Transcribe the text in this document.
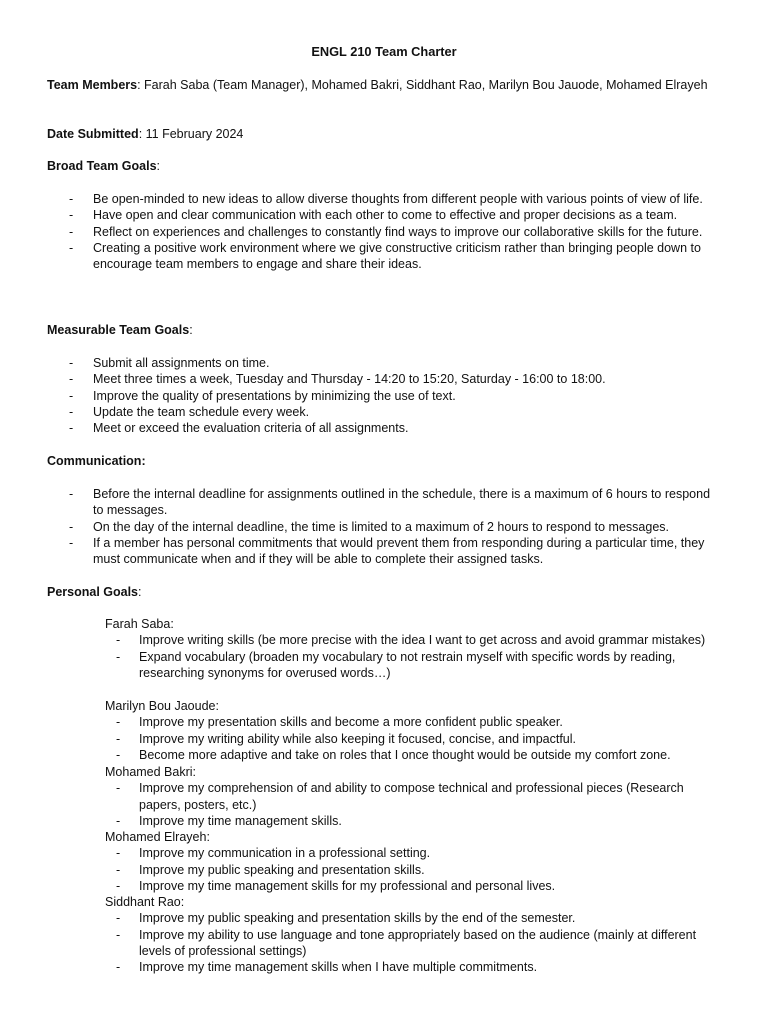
ENGL 210 Team Charter
Team Members: Farah Saba (Team Manager), Mohamed Bakri, Siddhant Rao, Marilyn Bou Jauode, Mohamed Elrayeh
Date Submitted: 11 February 2024
Broad Team Goals:
- Be open-minded to new ideas to allow diverse thoughts from different people with various points of view of life.
- Have open and clear communication with each other to come to effective and proper decisions as a team.
- Reflect on experiences and challenges to constantly find ways to improve our collaborative skills for the future.
- Creating a positive work environment where we give constructive criticism rather than bringing people down to encourage team members to engage and share their ideas.
Measurable Team Goals:
- Submit all assignments on time.
- Meet three times a week, Tuesday and Thursday - 14:20 to 15:20, Saturday - 16:00 to 18:00.
- Improve the quality of presentations by minimizing the use of text.
- Update the team schedule every week.
- Meet or exceed the evaluation criteria of all assignments.
Communication:
- Before the internal deadline for assignments outlined in the schedule, there is a maximum of 6 hours to respond to messages.
- On the day of the internal deadline, the time is limited to a maximum of 2 hours to respond to messages.
- If a member has personal commitments that would prevent them from responding during a particular time, they must communicate when and if they will be able to complete their assigned tasks.
Personal Goals:
Farah Saba:
- Improve writing skills (be more precise with the idea I want to get across and avoid grammar mistakes)
- Expand vocabulary (broaden my vocabulary to not restrain myself with specific words by reading, researching synonyms for overused words…)
Marilyn Bou Jaoude:
- Improve my presentation skills and become a more confident public speaker.
- Improve my writing ability while also keeping it focused, concise, and impactful.
- Become more adaptive and take on roles that I once thought would be outside my comfort zone.
Mohamed Bakri:
- Improve my comprehension of and ability to compose technical and professional pieces (Research papers, posters, etc.)
- Improve my time management skills.
Mohamed Elrayeh:
- Improve my communication in a professional setting.
- Improve my public speaking and presentation skills.
- Improve my time management skills for my professional and personal lives.
Siddhant Rao:
- Improve my public speaking and presentation skills by the end of the semester.
- Improve my ability to use language and tone appropriately based on the audience (mainly at different levels of professional settings)
- Improve my time management skills when I have multiple commitments.
